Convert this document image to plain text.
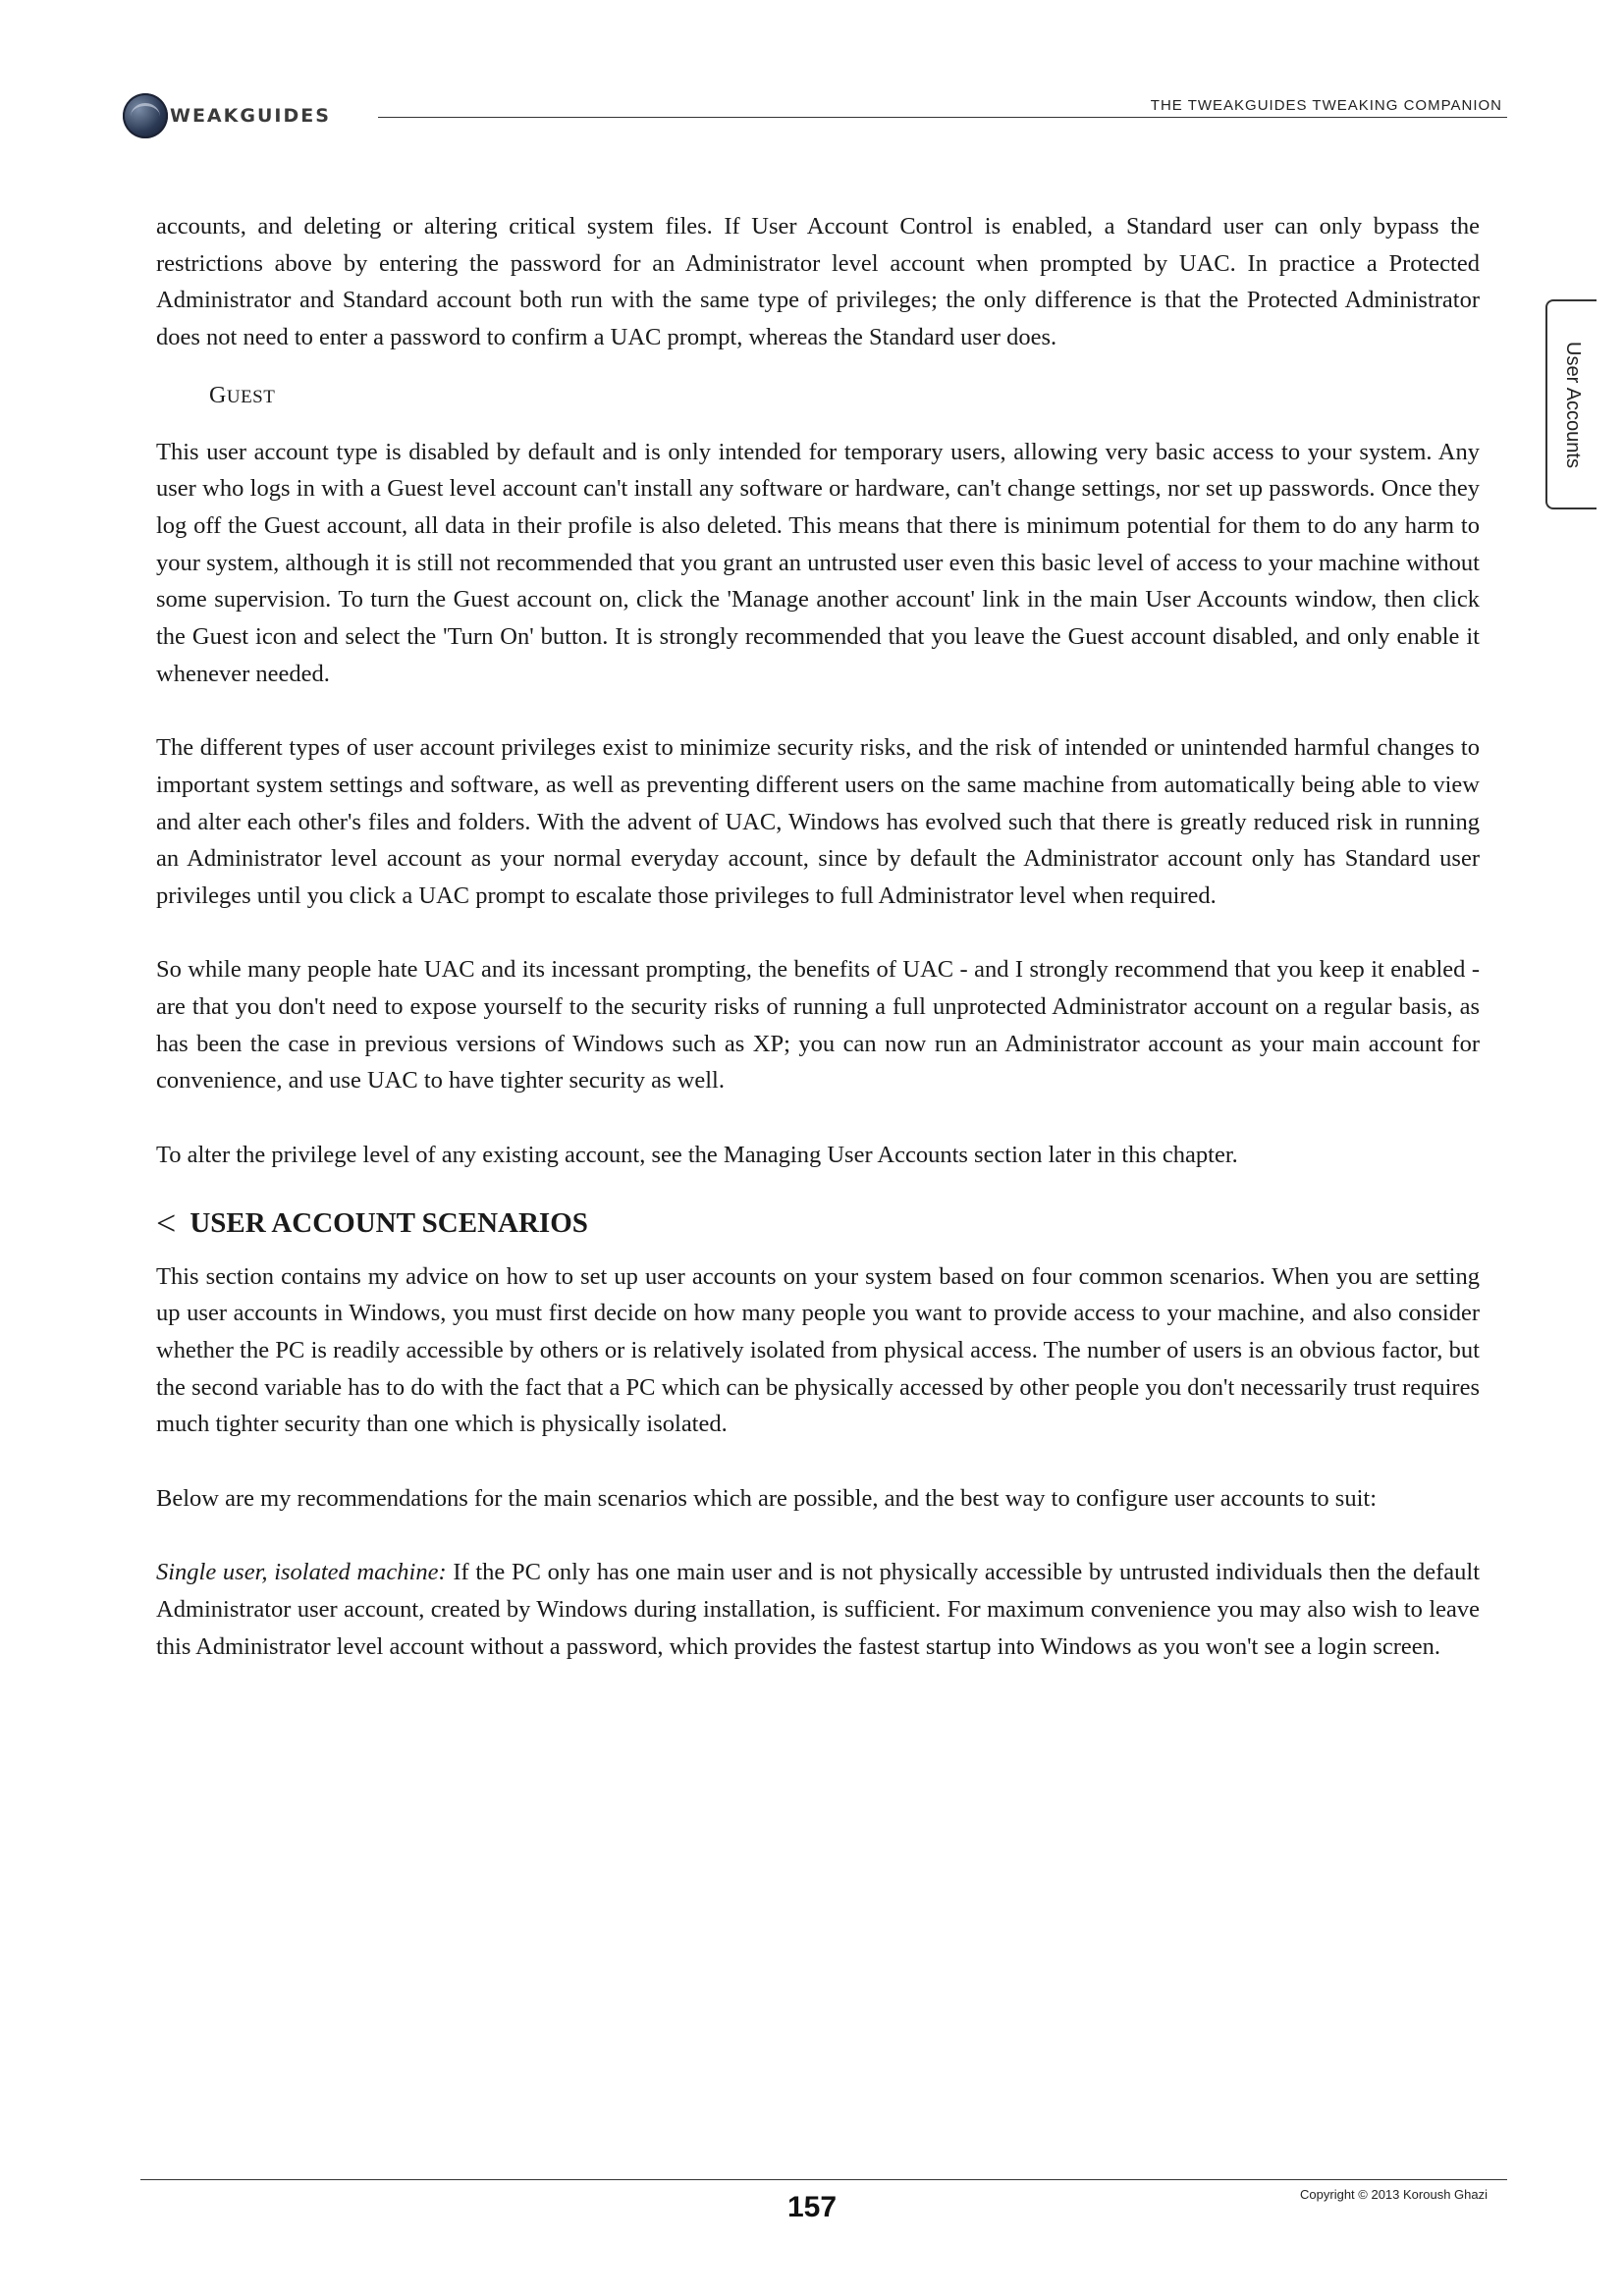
WEAKGUIDES	THE TWEAKGUIDES TWEAKING COMPANION
User Accounts

accounts, and deleting or altering critical system files. If User Account Control is enabled, a Standard user can only bypass the restrictions above by entering the password for an Administrator level account when prompted by UAC. In practice a Protected Administrator and Standard account both run with the same type of privileges; the only difference is that the Protected Administrator does not need to enter a password to confirm a UAC prompt, whereas the Standard user does.

GUEST

This user account type is disabled by default and is only intended for temporary users, allowing very basic access to your system. Any user who logs in with a Guest level account can't install any software or hardware, can't change settings, nor set up passwords. Once they log off the Guest account, all data in their profile is also deleted. This means that there is minimum potential for them to do any harm to your system, although it is still not recommended that you grant an untrusted user even this basic level of access to your machine without some supervision. To turn the Guest account on, click the 'Manage another account' link in the main User Accounts window, then click the Guest icon and select the 'Turn On' button. It is strongly recommended that you leave the Guest account disabled, and only enable it whenever needed.

The different types of user account privileges exist to minimize security risks, and the risk of intended or unintended harmful changes to important system settings and software, as well as preventing different users on the same machine from automatically being able to view and alter each other's files and folders. With the advent of UAC, Windows has evolved such that there is greatly reduced risk in running an Administrator level account as your normal everyday account, since by default the Administrator account only has Standard user privileges until you click a UAC prompt to escalate those privileges to full Administrator level when required.

So while many people hate UAC and its incessant prompting, the benefits of UAC - and I strongly recommend that you keep it enabled - are that you don't need to expose yourself to the security risks of running a full unprotected Administrator account on a regular basis, as has been the case in previous versions of Windows such as XP; you can now run an Administrator account as your main account for convenience, and use UAC to have tighter security as well.

To alter the privilege level of any existing account, see the Managing User Accounts section later in this chapter.

< USER ACCOUNT SCENARIOS

This section contains my advice on how to set up user accounts on your system based on four common scenarios. When you are setting up user accounts in Windows, you must first decide on how many people you want to provide access to your machine, and also consider whether the PC is readily accessible by others or is relatively isolated from physical access. The number of users is an obvious factor, but the second variable has to do with the fact that a PC which can be physically accessed by other people you don't necessarily trust requires much tighter security than one which is physically isolated.

Below are my recommendations for the main scenarios which are possible, and the best way to configure user accounts to suit:

Single user, isolated machine: If the PC only has one main user and is not physically accessible by untrusted individuals then the default Administrator user account, created by Windows during installation, is sufficient. For maximum convenience you may also wish to leave this Administrator level account without a password, which provides the fastest startup into Windows as you won't see a login screen.

Copyright © 2013 Koroush Ghazi
157
